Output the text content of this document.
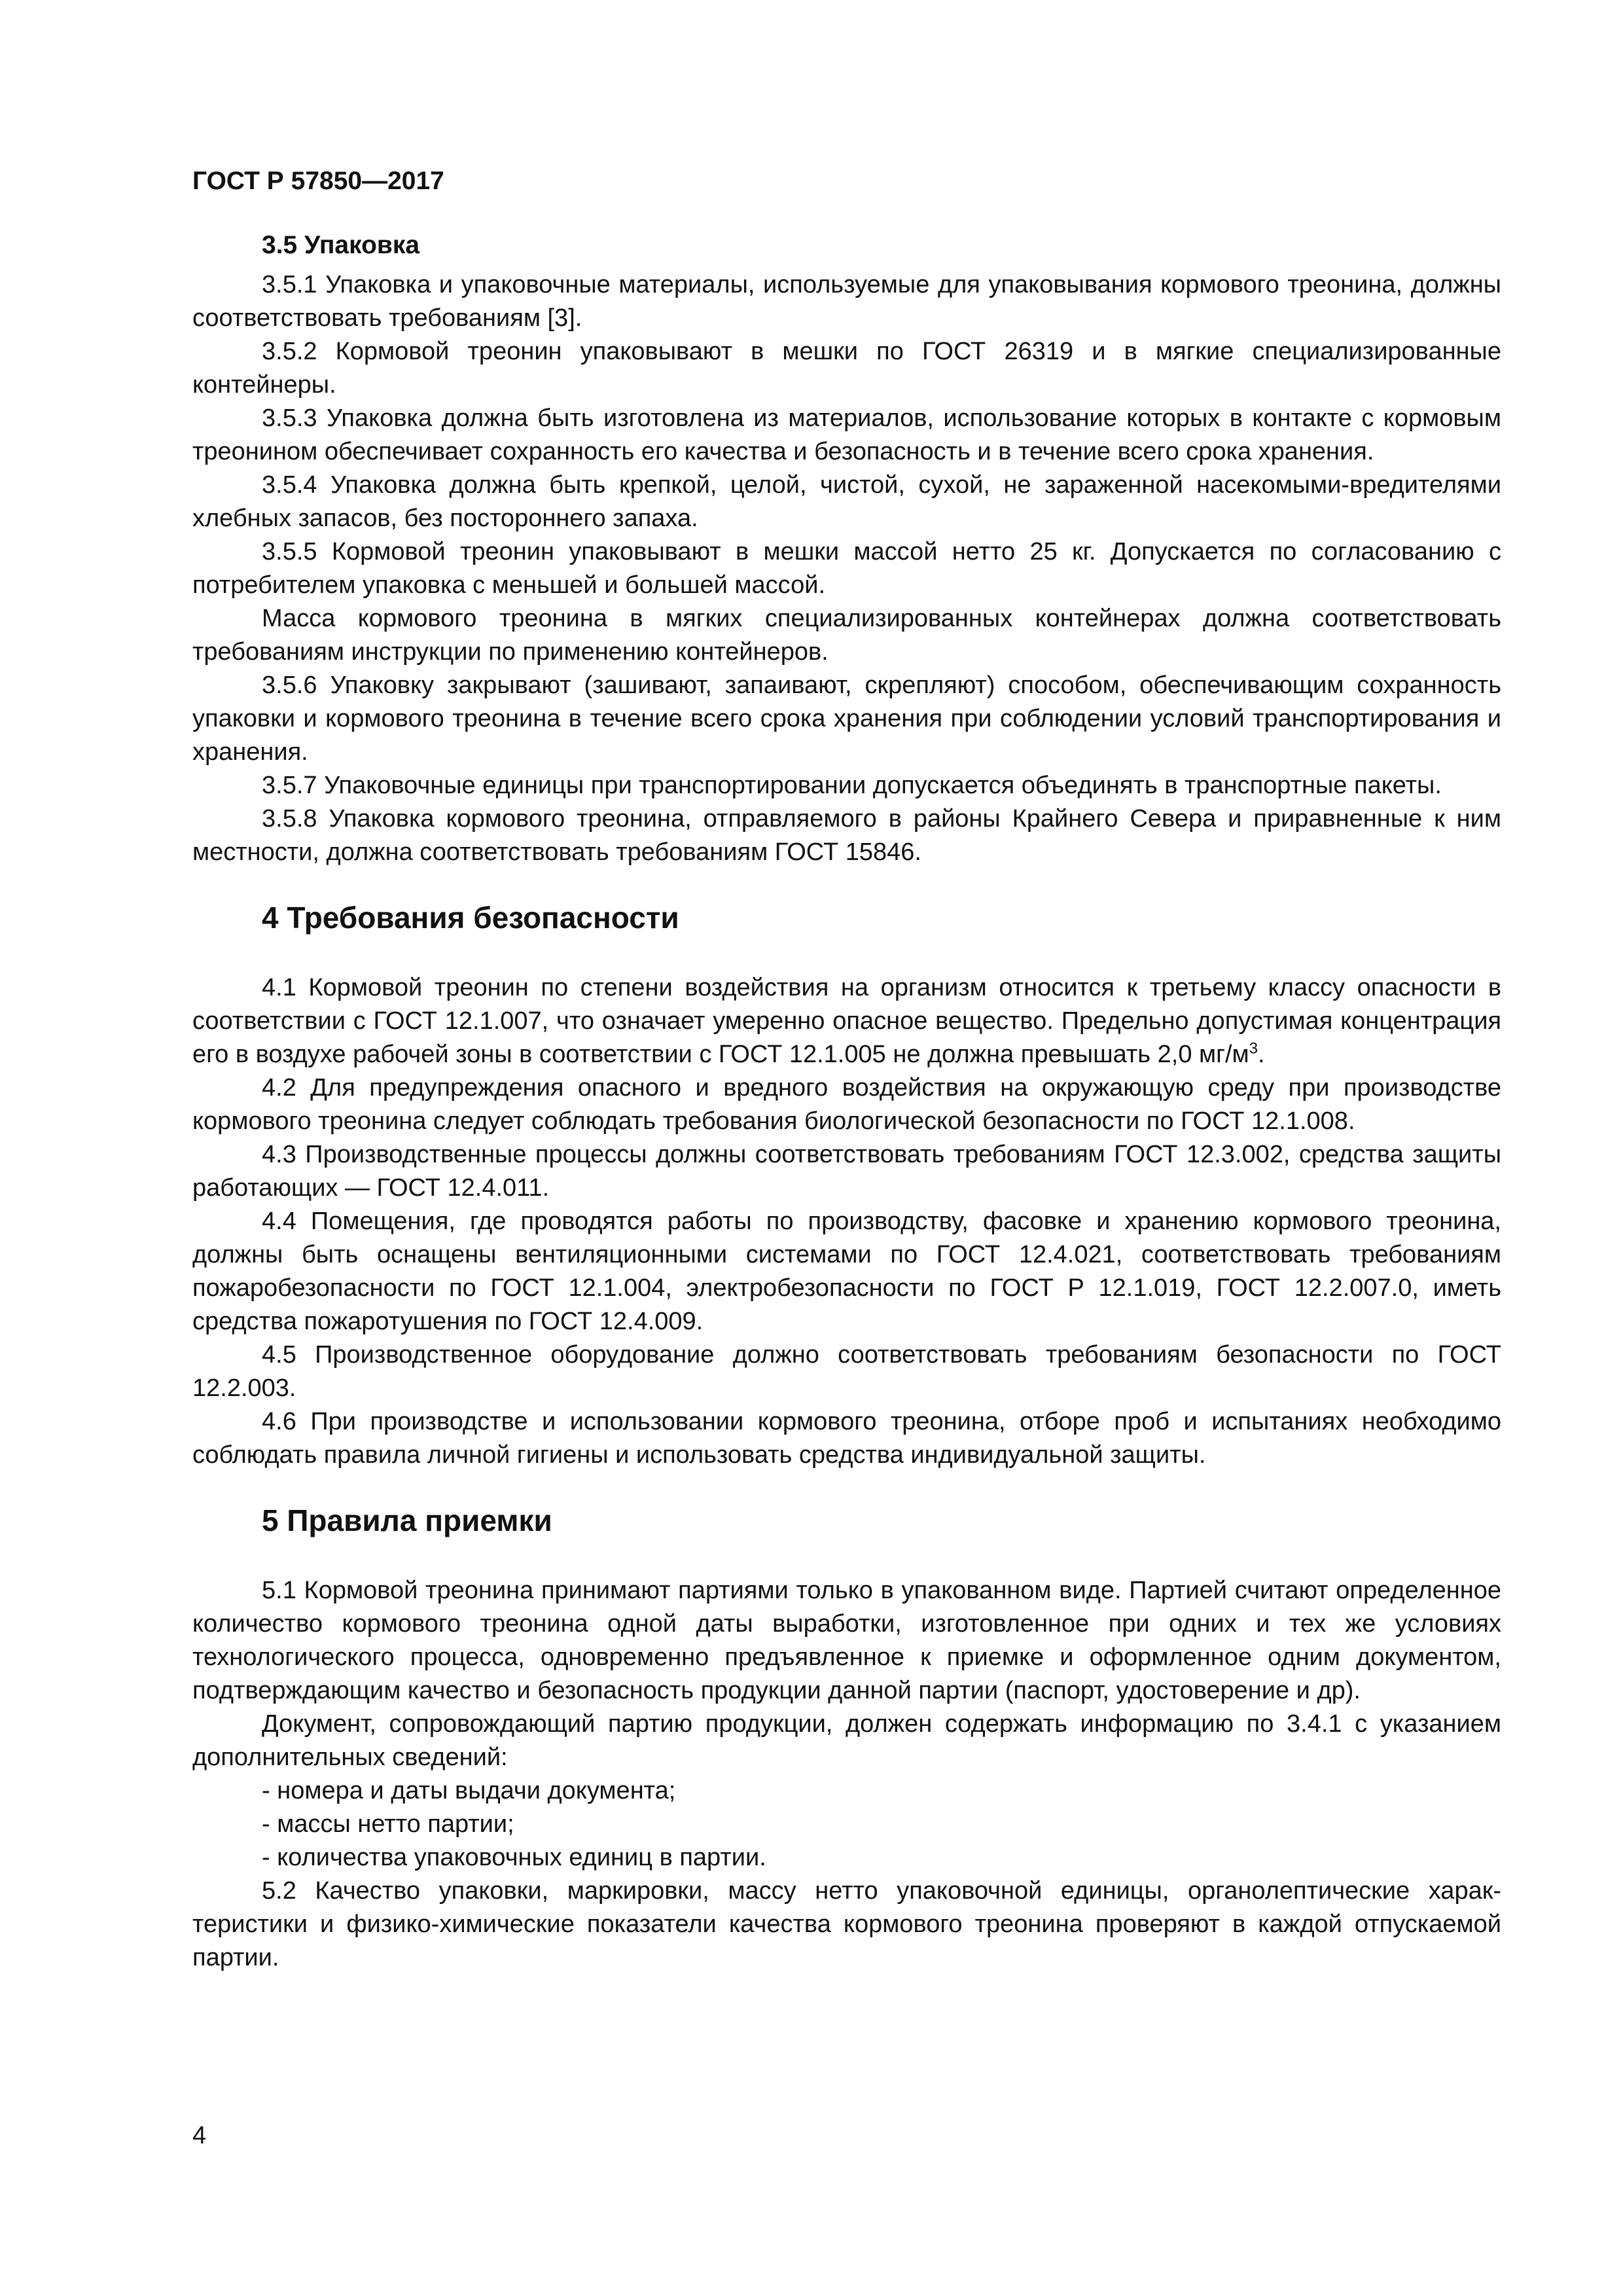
ГОСТ Р 57850—2017
3.5 Упаковка

3.5.1 Упаковка и упаковочные материалы, используемые для упаковывания кормового треонина, должны соответствовать требованиям [3].

3.5.2 Кормовой треонин упаковывают в мешки по ГОСТ 26319 и в мягкие специализированные контейнеры.

3.5.3 Упаковка должна быть изготовлена из материалов, использование которых в контакте с кормовым треонином обеспечивает сохранность его качества и безопасность и в течение всего срока хранения.

3.5.4 Упаковка должна быть крепкой, целой, чистой, сухой, не зараженной насекомыми-вредителями хлебных запасов, без постороннего запаха.

3.5.5 Кормовой треонин упаковывают в мешки массой нетто 25 кг. Допускается по согласованию с потребителем упаковка с меньшей и большей массой.

Масса кормового треонина в мягких специализированных контейнерах должна соответствовать требованиям инструкции по применению контейнеров.

3.5.6 Упаковку закрывают (зашивают, запаивают, скрепляют) способом, обеспечивающим сохранность упаковки и кормового треонина в течение всего срока хранения при соблюдении условий транспортирования и хранения.

3.5.7 Упаковочные единицы при транспортировании допускается объединять в транспортные пакеты.

3.5.8 Упаковка кормового треонина, отправляемого в районы Крайнего Севера и приравненные к ним местности, должна соответствовать требованиям ГОСТ 15846.

4 Требования безопасности

4.1 Кормовой треонин по степени воздействия на организм относится к третьему классу опасности в соответствии с ГОСТ 12.1.007, что означает умеренно опасное вещество. Предельно допустимая концентрация его в воздухе рабочей зоны в соответствии с ГОСТ 12.1.005 не должна превышать 2,0 $мг/м^3$.

4.2 Для предупреждения опасного и вредного воздействия на окружающую среду при производстве кормового треонина следует соблюдать требования биологической безопасности по ГОСТ 12.1.008.

4.3 Производственные процессы должны соответствовать требованиям ГОСТ 12.3.002, средства защиты работающих — ГОСТ 12.4.011.

4.4 Помещения, где проводятся работы по производству, фасовке и хранению кормового треонина, должны быть оснащены вентиляционными системами по ГОСТ 12.4.021, соответствовать требованиям пожаробезопасности по ГОСТ 12.1.004, электробезопасности по ГОСТ Р 12.1.019, ГОСТ 12.2.007.0, иметь средства пожаротушения по ГОСТ 12.4.009.

4.5 Производственное оборудование должно соответствовать требованиям безопасности по ГОСТ 12.2.003.

4.6 При производстве и использовании кормового треонина, отборе проб и испытаниях необходимо соблюдать правила личной гигиены и использовать средства индивидуальной защиты.

5 Правила приемки

5.1 Кормовой треонина принимают партиями только в упакованном виде. Партией считают определенное количество кормового треонина одной даты выработки, изготовленное при одних и тех же условиях технологического процесса, одновременно предъявленное к приемке и оформленное одним документом, подтверждающим качество и безопасность продукции данной партии (паспорт, удостоверение и др).

Документ, сопровождающий партию продукции, должен содержать информацию по 3.4.1 с указанием дополнительных сведений:

- номера и даты выдачи документа;

- массы нетто партии;

- количества упаковочных единиц в партии.

5.2 Качество упаковки, маркировки, массу нетто упаковочной единицы, органолептические характеристики и физико-химические показатели качества кормового треонина проверяют в каждой отпускаемой партии.

4
